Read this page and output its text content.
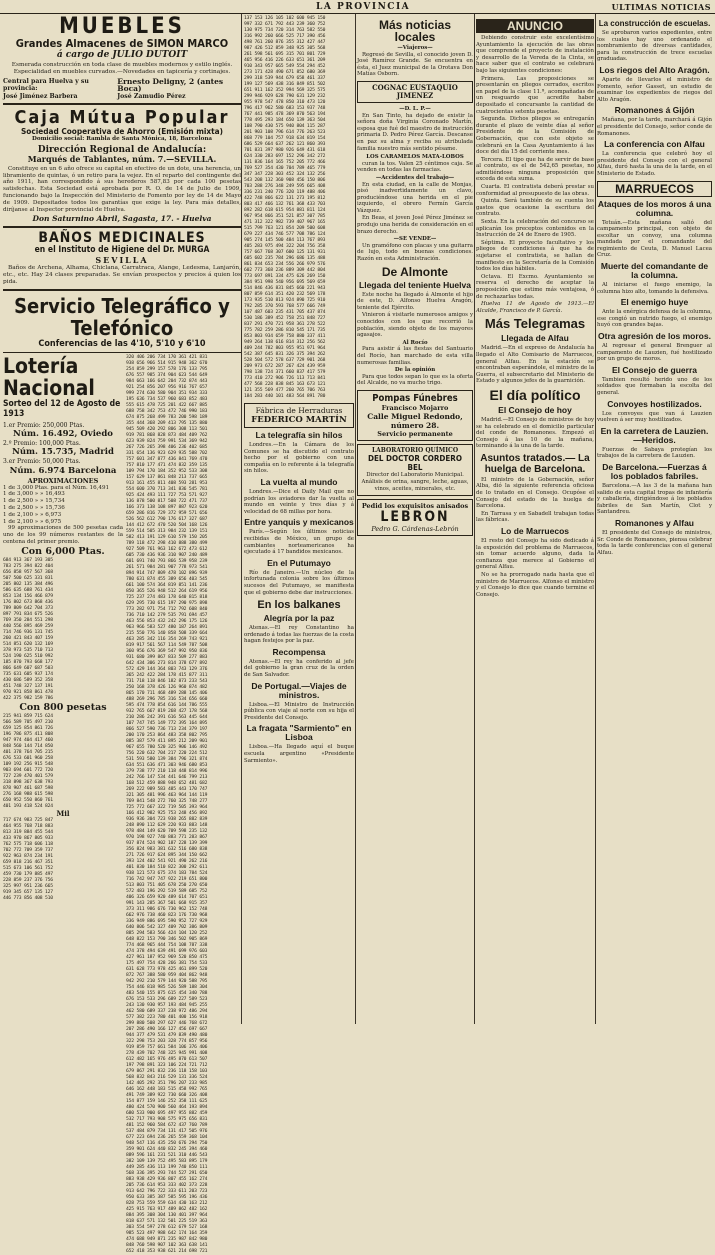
LA PROVINCIA	ULTIMAS NOTICIAS
MUEBLES
Grandes Almacenes de SIMON MARCO
á cargo de JULIO DUTOIT
Esmerada construcción en toda clase de muebles modernos y estilo inglés. Especialidad en muebles curvados.—Novedades en tapicería y cortinajes.
Central para Huelva y su provincia:
José Jiménez Barbera
Ernesto Deligny, 2 (antes Boca)
José Zamudio Pérez
Caja Mútua Popular
Sociedad Cooperativa de Ahorro (Emisión mixta)
Domicilio social: Rambla de Santa Mónica, 18, Barcelona
Dirección Regional de Andalucía:
Marqués de Tablantes, núm. 7.—SEVILLA.
Constituye en un 6 año ofrece su capital en efectivo de un dote, una herencia, un libramiento de quintas, ó un retiro para la vejez. En el reparto del contingente del año 1911, han correspondido á sus herederos 587,83 por cada 100 pesetas satisfechas. Esta Sociedad está aprobada por R. O. de 14 de Julio de 1909, funcionando bajo la Inspección del Ministerio de Fomento por ley de 14 de Mayo de 1909. Depositados todos los garantías que exige la ley. Para más detalles, diríjanse al Inspector provincial de Huelva.
Don Saturnino Abril, Sagasta, 17. - Huelva
BAÑOS MEDICINALES
en el Instituto de Higiene del Dr. MURGA
SEVILLA
Baños de Archena, Alhama, Chiclana, Carratraca, Alange, Ledesma, Lanjarón, etc., etc. Hay 24 clases preparadas. Se envían prospectos y precios á quien los pida.
Servicio Telegráfico y Telefónico
Conferencias de las 4'10, 5'10 y 6'10
Lotería Nacional
Sorteo del 12 de Agosto de 1913
1.er Premio: 250,000 Ptas.
Núm. 16.492, Oviedo
2.º Premio: 100,000 Ptas.
Núm. 15.735, Madrid
3.er Premio: 50,000 Ptas.
Núm. 6.974 Barcelona
APROXIMACIONES
1 de 3,000 Ptas. para el Núm. 16,491
1 de 3,000 » » 16,493
1 de 2,500 » » 15,734
1 de 2,500 » » 15,736
1 de 2,100 » » 6,973
1 de 2,100 » » 6,975
99 aproximaciones de 500 pesetas cada uno de los 99 números restantes de la centena del primer premio.
Con 6,000 Ptas.
684 913 367 193 305
783 275 394 822 404
656 858 957 567 368
507 500 625 331 831
205 802 135 384 496
586 635 688 761 434
853 134 156 466 879
176 802 673 868 436
789 809 642 704 373
897 791 834 675 526
769 350 284 551 298
440 556 895 469 259
714 746 936 131 745
260 421 843 407 159
514 851 620 132 169
378 973 535 710 713
524 190 625 510 992
185 870 793 668 177
866 649 607 687 503
735 631 605 937 174
430 686 589 352 358
451 748 327 137 191
970 921 858 861 478
422 375 982 159 786
Con 800 pesetas
215 941 859 715 624
566 589 705 497 210
659 125 854 861 726
196 786 875 411 808
947 974 404 417 460
848 560 144 714 850
401 378 764 705 215
676 533 601 960 258
109 192 256 915 548
903 694 601 772 720
727 239 470 401 579
318 898 367 638 793
878 907 461 687 598
276 168 988 615 598
650 952 550 860 761
401 193 418 524 824
Mil
717 674 983 725 847
464 955 768 718 883
813 319 884 455 544
433 970 867 805 933
762 575 718 606 118
702 772 709 359 737
922 963 874 234 191
659 818 216 467 351
515 673 106 561 752
459 730 179 885 497
228 859 237 376 756
325 997 951 236 665
919 345 657 135 127
446 773 856 408 510
320 406 206 734 170 361 421 831
938 656 966 514 915 948 362 670
254 859 299 157 578 176 133 795
676 557 985 374 904 623 544 649
984 663 166 642 204 732 874 443
921 254 856 207 956 916 767 657
999 274 630 580 904 351 934 333
195 636 734 537 960 683 852 483
555 615 478 725 201 422 667 885
688 758 342 753 472 746 990 183
674 875 268 499 783 200 598 189
355 444 368 209 413 795 135 880
945 509 420 292 806 308 113 501
919 781 868 828 873 484 409 762
623 939 824 759 991 534 369 942
267 726 265 398 406 236 402 685
331 654 136 923 629 935 588 702
757 601 347 877 436 841 769 470
757 810 177 471 474 832 359 135
109 794 170 184 352 952 533 308
157 629 137 861 848 213 737 665
913 161 455 811 408 593 281 953
554 600 370 713 341 836 545 781
925 424 493 111 727 753 571 927
136 878 500 817 508 722 471 737
166 373 138 108 897 887 923 620
659 286 816 729 372 959 571 656
526 562 612 790 176 617 327 687
144 412 672 470 520 504 168 126
559 514 505 313 984 232 139 151
582 413 191 129 610 579 150 205
789 118 472 298 410 888 380 499
927 509 761 963 162 672 473 612
605 730 436 936 310 907 240 489
601 691 740 793 866 539 958 239
261 571 984 281 907 778 973 541
894 914 747 809 478 102 896 939
780 631 874 455 389 656 403 545
661 100 574 364 819 851 141 236
850 365 526 948 512 264 619 956
725 237 274 483 178 640 815 818
629 295 730 615 197 290 975 898
773 282 971 754 712 792 608 840
736 710 142 279 535 791 694 457
463 556 853 432 242 296 175 126
963 966 583 527 480 187 264 891
215 550 776 140 858 508 339 664
463 285 342 116 354 269 743 921
819 917 561 567 114 549 787 508
360 956 676 369 547 992 950 836
931 680 399 867 833 509 277 883
642 434 306 273 814 378 677 892
572 429 144 364 803 743 129 376
365 242 422 284 178 415 877 311
731 718 118 846 182 873 233 543
250 168 378 426 126 960 874 482
865 170 711 468 489 288 145 406
488 269 296 785 316 534 656 660
595 474 778 854 616 144 786 555
932 765 667 819 268 427 178 568
210 286 242 391 616 563 445 644
107 747 745 149 772 395 164 895
866 527 590 736 713 234 379 197
200 170 253 864 483 358 802 795
885 387 579 411 895 212 209 901
967 655 780 520 325 906 146 492
756 220 632 704 217 220 224 512
531 593 580 139 384 796 321 874
634 551 636 471 303 946 680 853
379 738 777 210 118 448 814 996
242 766 147 534 441 646 799 213
168 512 459 888 948 652 481 682
269 222 989 583 485 443 170 747
321 305 481 996 463 964 144 119
769 841 548 272 760 325 748 277
725 772 667 322 719 505 393 964
166 412 982 925 753 248 456 892
936 936 304 723 938 265 882 839
248 890 112 629 220 933 883 148
978 484 149 620 709 598 235 132
970 198 927 740 883 771 283 867
937 874 524 902 187 228 139 399
356 824 983 381 632 516 680 838
271 726 917 624 895 344 150 662
393 124 402 541 921 490 262 216
401 830 184 510 822 300 292 611
938 121 573 675 374 183 784 524
716 742 947 747 922 219 651 800
513 803 751 405 678 250 270 650
572 483 196 292 519 589 685 752
406 326 659 920 489 614 707 651
991 143 285 367 501 668 915 357
373 311 986 676 730 962 152 748
662 976 738 460 823 176 730 968
336 949 886 695 590 952 727 929
640 806 542 327 409 702 386 809
885 294 583 566 424 104 120 252
648 822 153 790 346 502 905 869
774 468 965 444 754 108 787 338
474 378 494 639 491 699 976 603
427 961 187 952 969 520 850 475
175 497 754 428 266 381 754 533
631 628 773 978 425 461 899 520
872 767 388 580 959 404 862 948
942 292 210 579 144 920 588 795
754 446 818 985 526 589 188 304
483 540 155 875 615 454 340 788
676 153 533 296 689 227 589 523
243 130 930 957 193 484 945 255
462 580 689 337 238 972 486 294
577 382 223 780 401 400 156 918
299 880 508 297 627 446 768 672
207 286 490 166 127 456 697 667
944 377 479 531 479 839 490 480
322 298 753 203 328 774 857 956
919 859 757 661 584 106 376 406
278 439 702 748 325 945 991 408
612 482 165 976 495 870 613 507
197 798 891 323 106 224 721 712
679 867 291 832 236 118 158 103
568 832 843 216 529 131 336 524
142 405 292 351 796 207 233 985
646 162 448 183 515 458 992 765
491 749 389 922 730 660 326 408
154 877 159 146 252 358 111 625
480 424 570 900 560 464 193 894
680 533 900 695 497 955 882 459
532 717 793 908 575 975 656 831
481 152 960 584 672 437 760 789
537 484 879 734 131 417 505 976
677 223 694 236 265 559 368 104
948 547 116 435 250 676 294 750
359 901 624 440 832 245 394 460
889 596 161 231 521 310 446 543
382 109 139 752 495 583 895 179
449 285 436 113 199 740 850 111
568 336 395 293 744 527 291 650
883 938 429 936 807 455 162 274
205 736 614 953 333 402 373 228
913 642 796 722 333 611 203 723
950 633 385 387 585 595 196 436
828 753 559 559 634 430 163 212
425 915 763 917 489 862 482 162
884 395 308 304 130 401 397 964
818 637 571 132 501 225 519 363
303 554 597 278 612 679 527 168
985 523 497 988 642 174 164 359
474 688 949 871 235 987 842 980
848 760 598 907 102 363 638 141
652 418 353 938 621 214 698 721
137 153 126 105 102 600 945 150
997 332 671 792 443 239 360 752
130 975 734 720 314 763 582 550
316 992 260 666 525 717 390 456
498 761 260 876 355 312 427 447
987 426 512 859 348 925 305 568
261 598 561 695 315 701 801 729
465 956 416 226 633 651 361 209
910 343 957 665 549 554 294 452
273 171 428 490 671 852 680 369
299 318 539 944 679 658 461 337
199 127 569 438 316 849 851 502
651 911 162 352 994 569 325 575
299 946 929 628 790 631 129 232
955 978 547 478 850 310 473 120
796 417 962 580 683 153 937 748
767 441 985 478 369 870 563 194
778 495 293 184 650 139 363 504
108 790 430 575 940 804 115 287
201 903 108 796 614 776 263 523
868 779 104 757 918 634 819 154
686 529 664 637 262 121 860 393
701 831 397 980 926 649 431 618
624 330 283 697 152 296 342 272
131 836 164 165 752 205 772 466
769 527 354 430 704 789 465 779
347 347 228 303 452 324 132 256
543 208 132 360 908 456 150 806
703 288 276 348 249 595 665 408
336 231 240 776 320 119 488 406
422 748 866 622 131 273 195 812
803 417 466 132 761 368 433 703
892 282 618 615 954 881 811 124
967 954 866 351 521 857 307 785
471 312 322 982 739 407 967 165
515 799 763 121 854 209 500 608
679 227 434 746 577 708 786 124
905 274 145 500 484 113 767 893
405 283 975 494 322 204 756 358
757 667 768 307 600 125 131 931
605 602 235 784 296 686 135 488
861 834 653 234 556 266 979 576
602 773 368 236 889 309 442 804
773 697 891 334 475 626 269 150
384 951 998 540 956 695 569 659
514 846 436 831 845 660 221 943
807 859 614 351 420 232 569 178
173 935 510 813 924 890 725 910
792 285 370 593 768 577 666 749
107 487 603 235 431 705 437 874
530 186 389 452 758 251 848 727
837 291 470 721 958 361 278 522
775 782 259 286 810 545 171 735
853 803 934 659 758 880 337 411
949 264 138 616 814 312 256 562
409 244 782 803 955 951 971 964
542 387 645 831 326 375 394 262
528 504 572 578 637 729 901 268
209 973 672 287 267 424 439 959
798 138 724 371 660 837 417 579
773 410 272 906 726 113 713 841
477 568 228 838 845 163 673 121
121 355 569 477 260 765 706 763
184 283 440 101 483 564 891 780
Fábrica de Herraduras
FEDERICO MARTÍN
La telegrafía sin hilos
Londres.—En la Cámara de los Comunes se ha discutido el contrato hecho por el gobierno con una compañía en lo referente á la telegrafía sin hilos.
La vuelta al mundo
Londres.—Dice el Daily Mail que no podrían los aviadores dar la vuelta al mundo en veinte y tres días y á velocidad de 68 millas por hora.
Entre yanquis y mexicanos
París.—Según los últimos noticias recibidas de México, un grupo de cambiantes norteamericanos ha ejecutado á 17 bandidos mexicanos.
En el Putumayo
Río de Janeiro.—Un núcleo de la infortunada colonia sobre los últimos sucesos del Putumayo, se manifiesta que el gobierno debe dar instrucciones.
En los balkanes
Alegría por la paz
Atenas.—El rey Constantino ha ordenado á todas las fuerzas de la costa hagan festejos por la paz.
Recompensa
Atenas.—El rey ha conferido al jefe del gobierno la gran cruz de la orden de San Salvador.
De Portugal.—Viajes de ministros.
Lisboa.—El Ministro de Instrucción pública con viaje al norte con su hija el Presidente del Consejo.
La fragata "Sarmiento" en Lisboa
Lisboa.—Ha llegado aquí el buque escuela argentino «Presidente Sarmiento».
Más noticias locales
—Viajeros—
Regresó de Sevilla, el conocido joven D. José Ramírez Grande. Se encuentra en ésta, el Juez municipal de la Orotava Don Matías Osborn.
COGNAC EUSTAQUIO JIMENEZ
—D. L. P.—
En San Tinto, ha dejado de existir la señora doña Virginia Coronado Martín, esposa que fué del maestro de instrucción primaria D. Pedro Pérez García. Descanse en paz su alma y reciba su atribulada familia nuestro más sentido pésame.
LOS CARAMELOS MATA-LOBOS
curan la tos. Valen 25 céntimos caja. Se venden en todas las farmacias.
—Accidentes del trabajo—
En esta ciudad, en la calle de Monjas, pisó inadvertidamente un clavo, produciéndose una herida en el pie izquierdo, el obrero Fermín García Vázquez.
En Beas, el joven José Pérez Jiménez se produjo una herida de consideración en el brazo derecho.
—SE VENDE—
Un gramófono con placas y una guitarra de lujo, todo en buenas condiciones. Razón en esta Administración.
De Almonte
Llegada del teniente Huelva
Este noche ha llegado á Almonte el hijo de este, D. Alfonso Huelva Aragón, teniente del Ejército.
Vinieron á visitarle numerosos amigos y conocidos con los que recorrió la población, siendo objeto de los mayores agasajos.
Al Rocío
Para asistir á las fiestas del Santuario del Rocío, han marchado de esta villa numerosas familias.
De la opinión
Para que todos sepan lo que es la oferta del Alcalde, no va mucho trigo.
Pompas Fúnebres
Francisco Mojarro
Calle Miguel Redondo, número 28.
Servicio permanente
LABORATORIO QUÍMICO
DEL DOCTOR CORDERO BEL
Director del Laboratorio Municipal. Análisis de orina, sangre, leche, aguas, vinos, aceites, minerales, etc.
Pedid los exquisitos anisados
LEBRON
Pedro G. Cárdenas-Lebrón
ANUNCIO
Debiendo construir este excelentísimo Ayuntamiento la ejecución de las obras que comprende el proyecto de instalación y desarrollo de la Vereda de la Cinta, se hace saber que el contrato se celebrará bajo las siguientes condiciones:
Primera. Las proposiciones se presentarán en pliegos cerrados, escritos en papel de la clase 11.ª, acompañadas de un resguardo que acredite haber depositado el concursante la cantidad de cuatrocientas setenta pesetas.
Segunda. Dichos pliegos se entregarán durante el plazo de veinte días al señor Presidente de la Comisión de Gobernación, que con este objeto se celebrará en la Casa Ayuntamiento á las doce del día 15 del corriente mes.
Tercera. El tipo que ha de servir de base al contrato, es el de 542,65 pesetas, no admitiéndose ninguna proposición que exceda de esta suma.
Cuarta. El contratista deberá prestar su conformidad al presupuesto de las obras.
Quinta. Será también de su cuenta los gastos que ocasione la escritura del contrato.
Sexta. En la celebración del concurso se aplicarán los preceptos contenidos en la Instrucción de 24 de Enero de 1905.
Séptima. El proyecto facultativo y los pliegos de condiciones á que ha de sujetarse el contratista, se hallan de manifiesto en la Secretaría de la Comisión todos los días hábiles.
Octava. El Excmo. Ayuntamiento se reserva el derecho de aceptar la proposición que estime más ventajosa, ó de rechazarlas todas.
Huelva 11 de Agosto de 1913.—El Alcalde, Francisco de P. García.
Más Telegramas
Llegada de Alfau
Madrid.—En el expreso de Andalucía ha llegado el Alto Comisario de Marruecos, general Alfau. En la estación se encontraban esperándole, el ministro de la Guerra, el subsecretario del Ministerio de Estado y algunos jefes de la guarnición.
El día político
El Consejo de hoy
Madrid.—El Consejo de ministros de hoy se ha celebrado en el domicilio particular del conde de Romanones. Empezó el Consejo á las 10 de la mañana, terminando á la una de la tarde.
Asuntos tratados.— La huelga de Barcelona.
El ministro de la Gobernación, señor Alba, dió la siguiente referencia oficiosa de lo tratado en el Consejo. Ocupóse el Consejo del estado de la huelga de Barcelona.
En Tarrasa y en Sabadell trabajan todas las fábricas.
Lo de Marruecos
El resto del Consejo ha sido dedicado á la exposición del problema de Marruecos, sin tomar acuerdo alguno, dada la confianza que merece al Gobierno el general Alfau.
No se ha prorrogado nada hasta que el ministro de Marruecos. Alfonso el ministro y el Consejo lo dice que cuando termine el Consejo.
La construcción de escuelas.
Se aprobaron varios expedientes, entre los cuales hay uno ordenando el nombramiento de diversas cantidades, para la construcción de trece escuelas graduadas.
Los riegos del Alto Aragón.
Aparte de llevarlos el ministro de Fomento, señor Gasset, un estudio de examinar los expedientes de riegos del Alto Aragón.
Romanones á Gijón
Mañana, por la tarde, marchará á Gijón el presidente del Consejo, señor conde de Romanones.
La conferencia con Alfau
La conferencia que celebró hoy el presidente del Consejo con el general Alfau, duró hasta la una de la tarde, en el Ministerio de Estado.
MARRUECOS
Ataques de los moros á una columna.
Tetuán.—Esta mañana salió del campamento principal, con objeto de escoltar un convoy, una columna mandada por el comandante del regimiento de Ceuta, D. Manuel Lacea Cruz.
Muerte del comandante de la columna.
Al iniciarse el fuego enemigo, la columna hizo alto, tomando la defensiva.
El enemigo huye
Ante la enérgica defensa de la columna, ese congió un nutrido fuego, el enemigo huyó con grandes bajas.
Otra agresión de los moros.
Al regresar el general Brenguer al campamento de Lauzien, fué hostilizado por un grupo de moros.
El Consejo de guerra
Tambien resultó herido uno de los soldados que formaban la escolta del general.
Convoyes hostilizados.
Los convoyes que van á Lauzien vuelven á ser muy hostilizados.
En la carretera de Lauzien.—Heridos.
Fuerzas de Sabaya protegían los trabajos de la carretera de Lauzien.
De Barcelona.—Fuerzas á los poblados fabriles.
Barcelona.—A las 3 de la mañana han salido de esta capital tropas de infantería y caballería, dirigiéndose á los poblados fabriles de San Martín, Clot y Santandreu.
Romanones y Alfau
El presidente del Consejo de ministros, Sr. Conde de Romanones, piensa celebrar toda la tarde conferencias con el general Alfau.
